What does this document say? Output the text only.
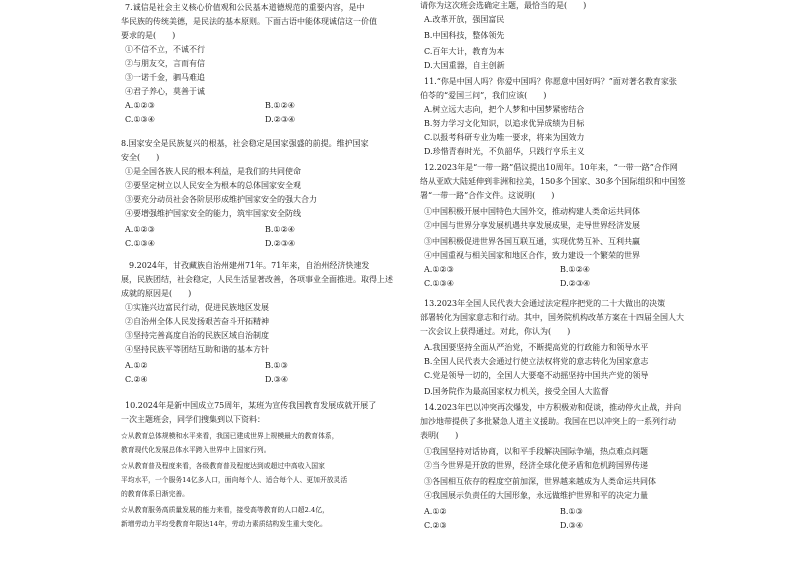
7.诚信是社会主义核心价值观和公民基本道德规范的重要内容，是中
华民族的传统美德，是民法的基本原则。下面古语中能体现诚信这一价值
要求的是(　　)
①不信不立，不诚不行
②与朋友交，言而有信
③一诺千金，驷马难追
④君子养心，莫善于诚
A.①②③	B.①②④
C.①③④	D.②③④
8.国家安全是民族复兴的根基，社会稳定是国家强盛的前提。维护国家
安全(　　)
①是全国各族人民的根本利益，是我们的共同使命
②要坚定树立以人民安全为根本的总体国家安全观
③要充分动员社会各阶层形成维护国家安全的强大合力
④要增强维护国家安全的能力，筑牢国家安全防线
A.①②③	B.①②④
C.①③④	D.②③④
9.2024年，甘孜藏族自治州建州71年。71年来，自治州经济快速发
展，民族团结，社会稳定，人民生活显著改善，各项事业全面推进。取得上述
成就的原因是(　　)
①实施兴边富民行动，促进民族地区发展
②自治州全体人民发扬艰苦奋斗开拓精神
③坚持完善高度自治的民族区域自治制度
④坚持民族平等团结互助和谐的基本方针
A.①②	B.①③
C.②④	D.③④
10.2024年是新中国成立75周年，某班为宣传我国教育发展成就开展了
一次主题班会，同学们搜集到以下资料：
☆从教育总体规模和水平来看，我国已建成世界上规模最大的教育体系，
教育现代化发展总体水平跨入世界中上国家行列。
☆从教育普及程度来看，各级教育普及程度达到或超过中高收入国家
平均水平，一个服务14亿多人口，面向每个人、适合每个人、更加开放灵活
的教育体系日渐完善。
☆从教育服务高质量发展的能力来看，接受高等教育的人口超2.4亿，
新增劳动力平均受教育年限达14年，劳动力素质结构发生重大变化。
请你为这次班会选确定主题，最恰当的是(　　)
A.改革开放，强国富民
B.中国科技，整体领先
C.百年大计，教育为本
D.大国重器，自主创新
11.“你是中国人吗？你爱中国吗？你愿意中国好吗？”面对著名教育家张
伯苓的“爱国三问”，我们应该(　　)
A.树立远大志向，把个人梦和中国梦紧密结合
B.努力学习文化知识，以追求优异成绩为目标
C.以报考科研专业为唯一要求，将来为国效力
D.珍惜青春时光，不负韶华，只践行亨乐主义
12.2023年是“一带一路”倡议提出10周年。10年来，“一带一路”合作网
络从亚欧大陆延伸到非洲和拉美，150多个国家、30多个国际组织和中国签
署“一带一路”合作文件。这说明(　　)
①中国积极开展中国特色大国外交，推动构建人类命运共同体
②中国与世界分享发展机遇共享发展成果，走导世界经济发展
③中国积极促进世界各国互联互通，实现优势互补、互利共赢
④中国重视与相关国家和地区合作，致力建设一个繁荣的世界
A.①②③	B.①②④
C.①③④	D.②③④
13.2023年全国人民代表大会通过法定程序把党的二十大做出的决策
部署转化为国家意志和行动。其中，国务院机构改革方案在十四届全国人大
一次会议上获得通过。对此，你认为(　　)
A.我国要坚持全面从严治党，不断提高党的行政能力和领导水平
B.全国人民代表大会通过行使立法权将党的意志转化为国家意志
C.党是领导一切的，全国人大要毫不动摇坚持中国共产党的领导
D.国务院作为最高国家权力机关，接受全国人大监督
14.2023年巴以冲突再次爆发，中方积极劝和促谈，推动停火止战，并向
加沙地带提供了多批紧急人道主义援助。我国在巴以冲突上的一系列行动
表明(　　)
①我国坚持对话协商，以和平手段解决国际争端，热点难点问题
②当今世界是开放的世界，经济全球化使矛盾和危机跨国界传递
③各国相互依存的程度空前加深，世界越来越成为人类命运共同体
④我国展示负责任的大国形象，永远做维护世界和平的决定力量
A.①②	B.①③
C.②③	D.③④
